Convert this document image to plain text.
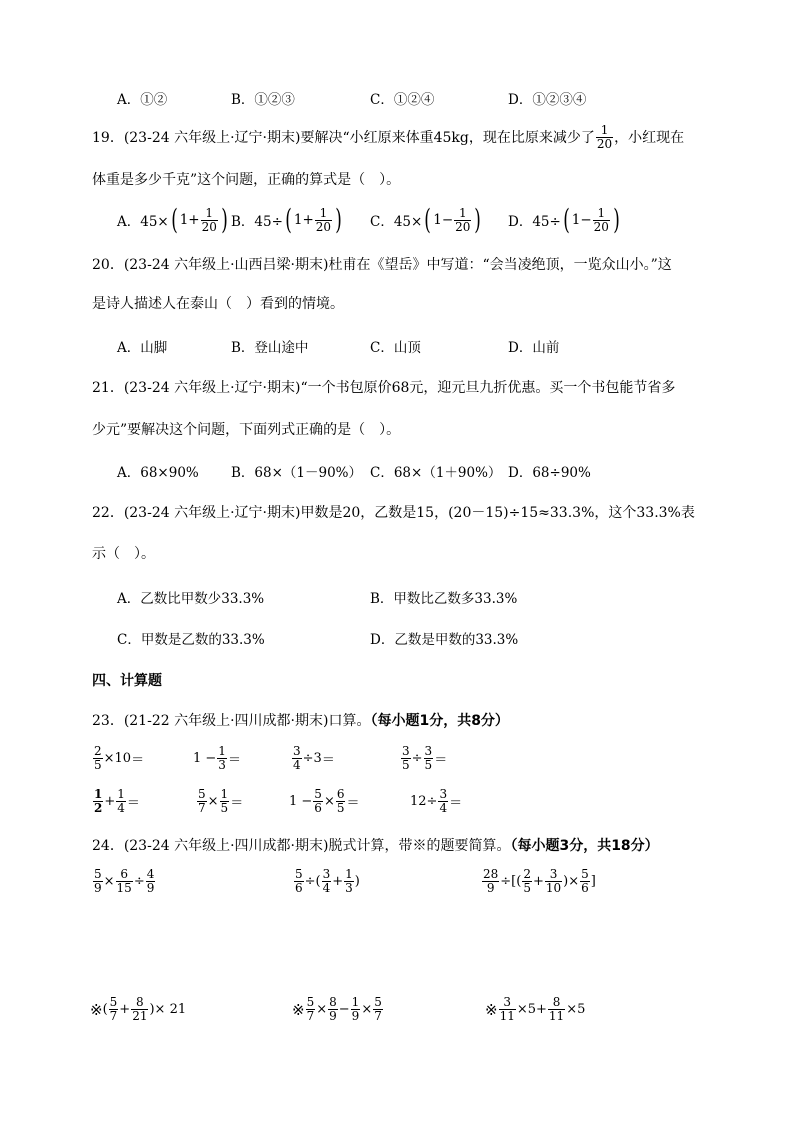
A．①②	B．①②③	C．①②④	D．①②③④
19．(23-24 六年级上·辽宁·期末)要解决“小红原来体重45kg，现在比原来减少了 $\frac{1}{20}$ ，小红现在
体重是多少千克”这个问题，正确的算式是（　）。
A．45× ( $1+ \frac{1}{20}$ ) B．45÷ ( $1+ \frac{1}{20}$ ) C．45× ( $1- \frac{1}{20}$ ) D．45÷ ( $1- \frac{1}{20}$ )
20．(23-24 六年级上·山西吕梁·期末)杜甫在《望岳》中写道：“会当凌绝顶，一览众山小。”这
是诗人描述人在泰山（　）看到的情境。
A．山脚	B．登山途中	C．山顶	D．山前
21．(23-24 六年级上·辽宁·期末)“一个书包原价68元，迎元旦九折优惠。买一个书包能节省多
少元”要解决这个问题，下面列式正确的是（　）。
A．68×90% B．68×（1－90%） C．68×（1＋90%） D．68÷90%
22．(23-24 六年级上·辽宁·期末)甲数是20，乙数是15，(20－15)÷15≈33.3%，这个33.3%表
示（　）。
A．乙数比甲数少33.3%	B．甲数比乙数多33.3%
C．甲数是乙数的33.3%	D．乙数是甲数的33.3%
四、计算题
23．(21-22 六年级上·四川成都·期末)口算。（每小题1分，共8分）
$\frac{2}{5} \times 10$ ＝	$1 - \frac{1}{3}$ ＝	$\frac{3}{4} \div 3$ ＝	$\frac{3}{5} \div \frac{3}{5}$ ＝
$\frac{1}{2} + \frac{1}{4}$ ＝	$\frac{5}{7} \times \frac{1}{5}$ ＝	$1 - \frac{5}{6} \times \frac{6}{5}$ ＝	$12\div \frac{3}{4}$ ＝
24．(23-24 六年级上·四川成都·期末)脱式计算，带※的题要简算。（每小题3分，共18分）
$\frac{5}{9} \times \frac{6}{15} \div \frac{4}{9}$	$\frac{5}{6}$ ÷( $\frac{3}{4} + \frac{1}{3}$ )	$\frac{28}{9}$ ÷[( $\frac{2}{5} + \frac{3}{10}$ )× $\frac{5}{6}$ ]
※ ( $\frac{5}{7} + \frac{8}{21}$ )× 21	※ $\frac{5}{7} \times \frac{8}{9} - \frac{1}{9} \times \frac{5}{7}$	※ $\frac{3}{11} \times 5+ \frac{8}{11} \times 5$
